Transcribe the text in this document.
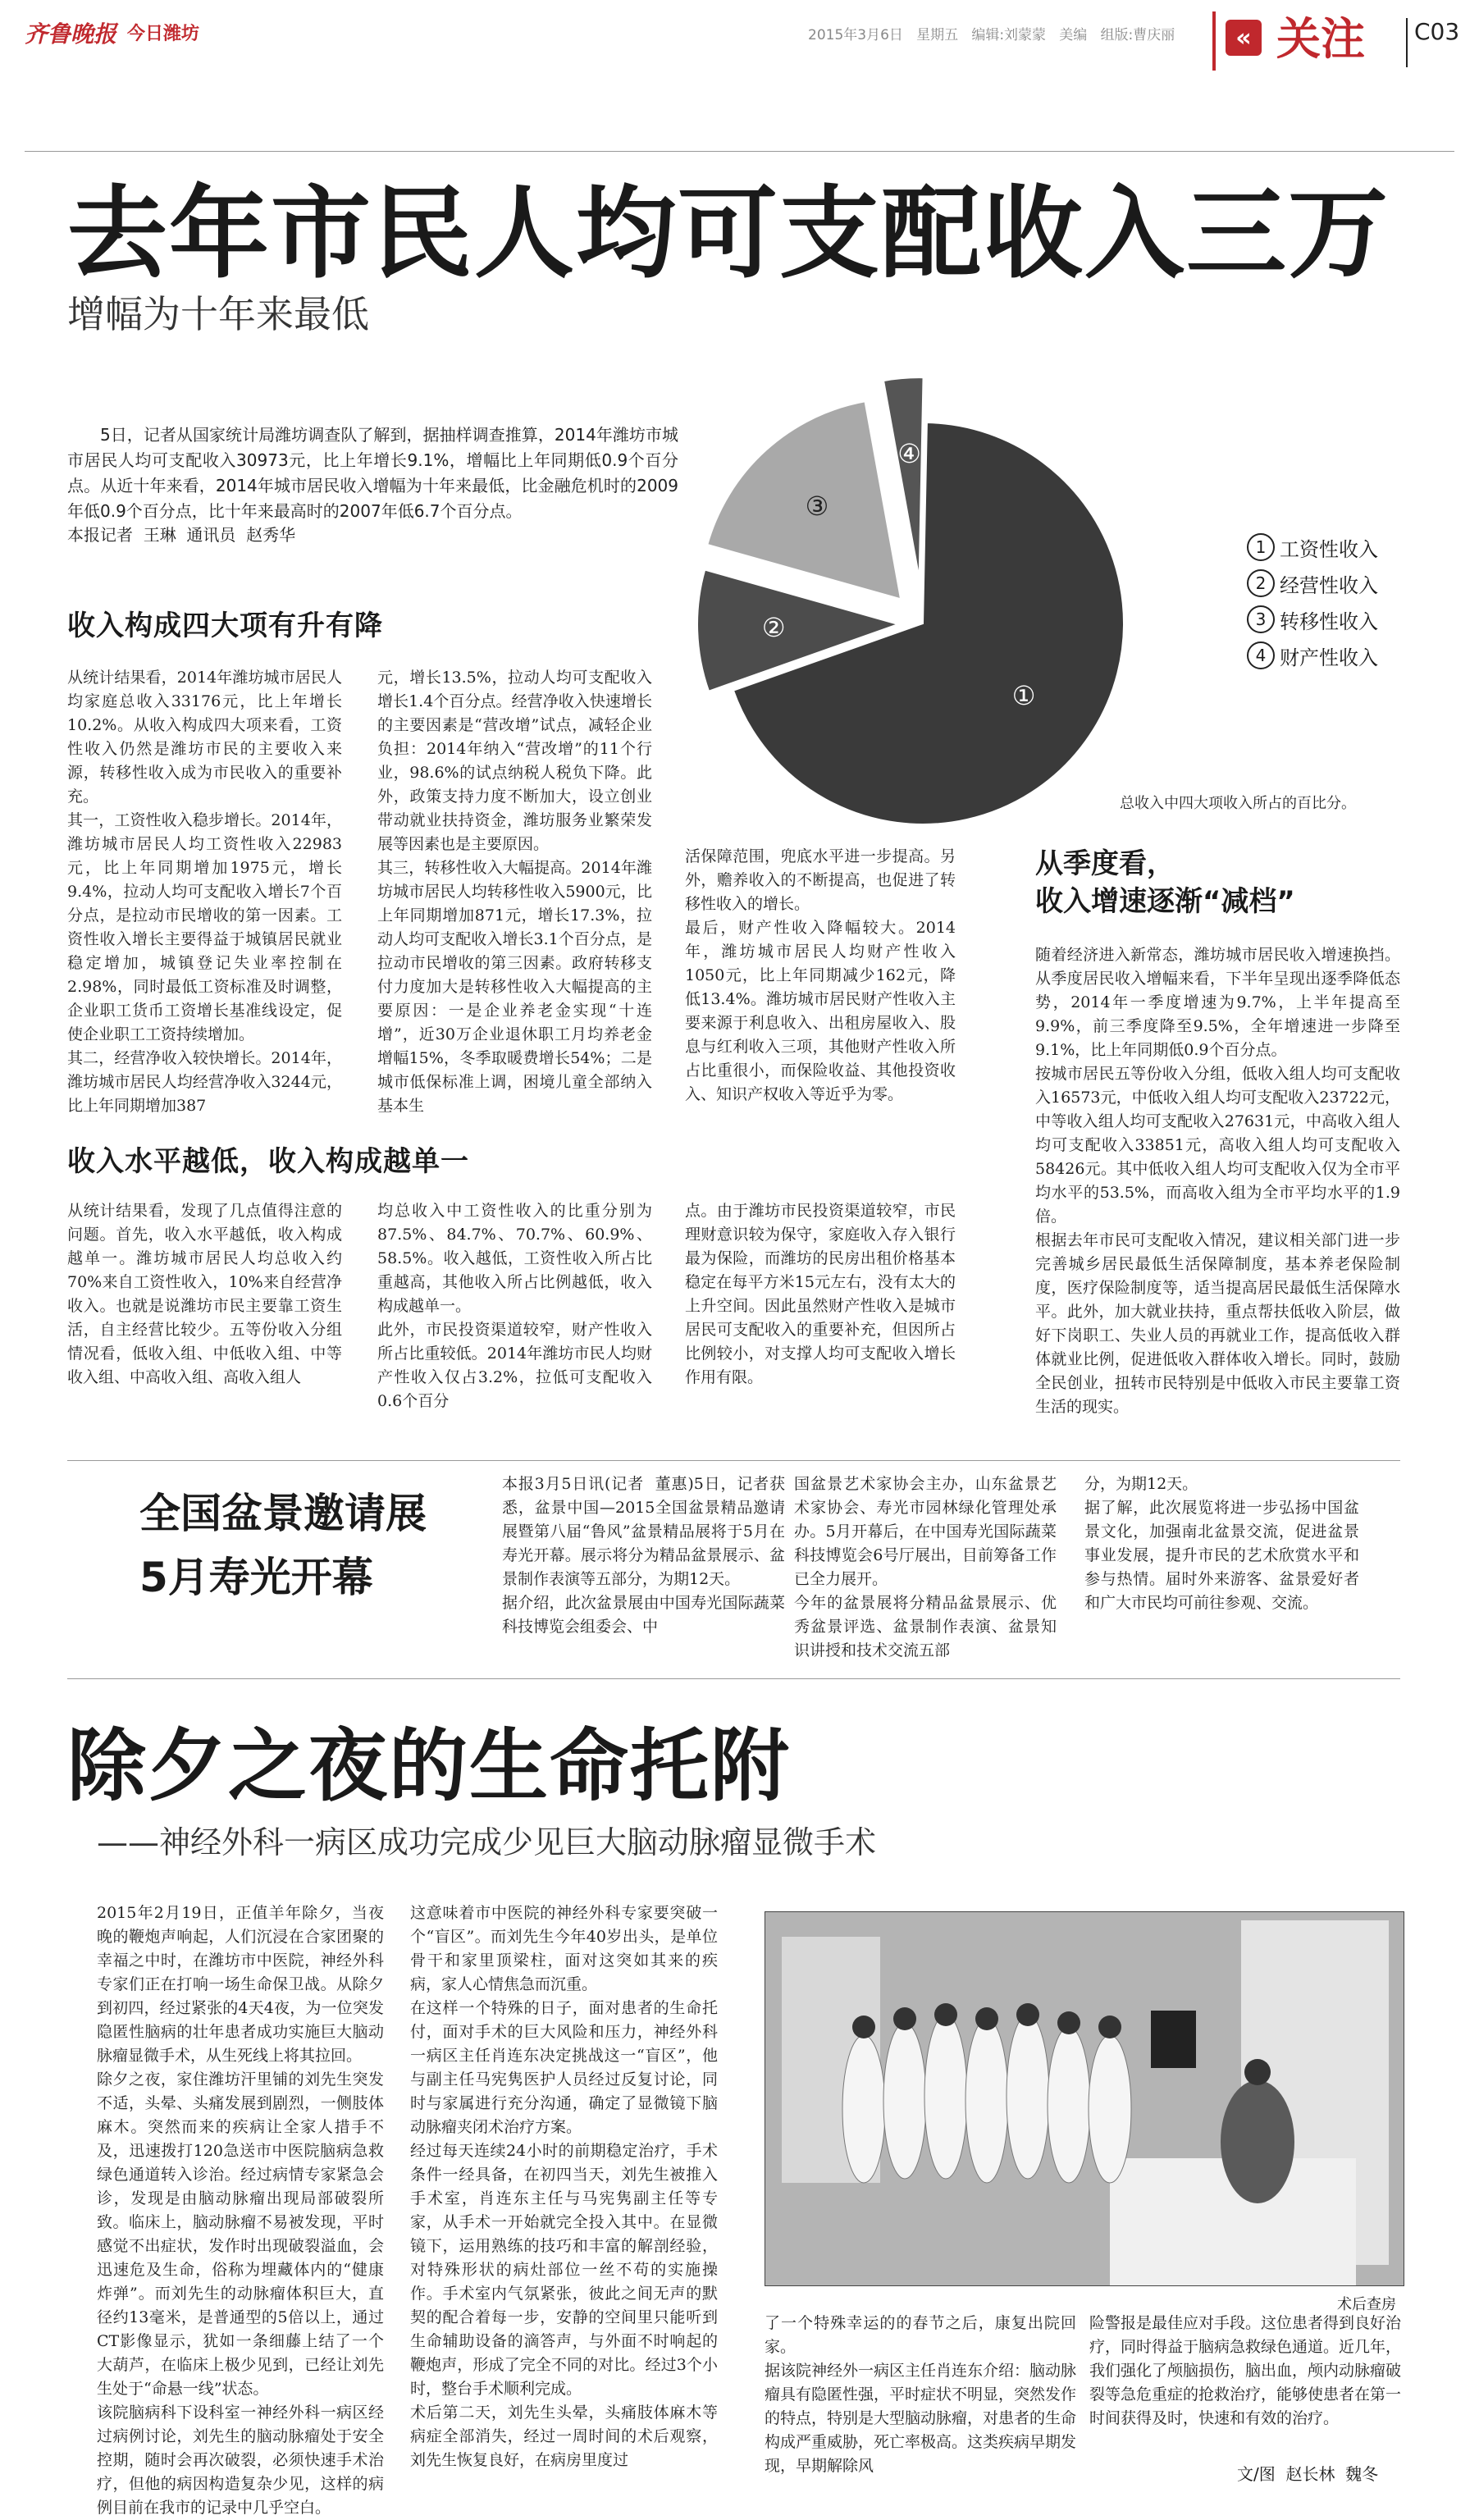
齐鲁晚报 今日潍坊	2015年3月6日   星期五   编辑:刘蒙蒙   美编   组版:曹庆丽	« 关注 C03
去年市民人均可支配收入三万
增幅为十年来最低

5日，记者从国家统计局潍坊调查队了解到，据抽样调查推算，2014年潍坊市城市居民人均可支配收入30973元，比上年增长9.1%，增幅比上年同期低0.9个百分点。从近十年来看，2014年城市居民收入增幅为十年来最低，比金融危机时的2009年低0.9个百分点，比十年来最高时的2007年低6.7个百分点。

本报记者  王琳  通讯员  赵秀华
收入构成四大项有升有降
从统计结果看，2014年潍坊城市居民人均家庭总收入33176元，比上年增长10.2%。从收入构成四大项来看，工资性收入仍然是潍坊市民的主要收入来源，转移性收入成为市民收入的重要补充。
其一，工资性收入稳步增长。2014年，潍坊城市居民人均工资性收入22983元，比上年同期增加1975元，增长9.4%，拉动人均可支配收入增长7个百分点，是拉动市民增收的第一因素。工资性收入增长主要得益于城镇居民就业稳定增加，城镇登记失业率控制在2.98%，同时最低工资标准及时调整，企业职工货币工资增长基准线设定，促使企业职工工资持续增加。
其二，经营净收入较快增长。2014年，潍坊城市居民人均经营净收入3244元，比上年同期增加387
元，增长13.5%，拉动人均可支配收入增长1.4个百分点。经营净收入快速增长的主要因素是“营改增”试点，减轻企业负担：2014年纳入“营改增”的11个行业，98.6%的试点纳税人税负下降。此外，政策支持力度不断加大，设立创业带动就业扶持资金，潍坊服务业繁荣发展等因素也是主要原因。
其三，转移性收入大幅提高。2014年潍坊城市居民人均转移性收入5900元，比上年同期增加871元，增长17.3%，拉动人均可支配收入增长3.1个百分点，是拉动市民增收的第三因素。政府转移支付力度加大是转移性收入大幅提高的主要原因：一是企业养老金实现“十连增”，近30万企业退休职工月均养老金增幅15%，冬季取暖费增长54%；二是城市低保标准上调，困境儿童全部纳入基本生
活保障范围，兜底水平进一步提高。另外，赡养收入的不断提高，也促进了转移性收入的增长。
最后，财产性收入降幅较大。2014年，潍坊城市居民人均财产性收入1050元，比上年同期减少162元，降低13.4%。潍坊城市居民财产性收入主要来源于利息收入、出租房屋收入、股息与红利收入三项，其他财产性收入所占比重很小，而保险收益、其他投资收入、知识产权收入等近乎为零。
收入水平越低，收入构成越单一
从统计结果看，发现了几点值得注意的问题。首先，收入水平越低，收入构成越单一。潍坊城市居民人均总收入约70%来自工资性收入，10%来自经营净收入。也就是说潍坊市民主要靠工资生活，自主经营比较少。五等份收入分组情况看，低收入组、中低收入组、中等收入组、中高收入组、高收入组人
均总收入中工资性收入的比重分别为87.5%、84.7%、70.7%、60.9%、58.5%。收入越低，工资性收入所占比重越高，其他收入所占比例越低，收入构成越单一。
此外，市民投资渠道较窄，财产性收入所占比重较低。2014年潍坊市民人均财产性收入仅占3.2%，拉低可支配收入0.6个百分
点。由于潍坊市民投资渠道较窄，市民理财意识较为保守，家庭收入存入银行最为保险，而潍坊的民房出租价格基本稳定在每平方米15元左右，没有太大的上升空间。因此虽然财产性收入是城市居民可支配收入的重要补充，但因所占比例较小，对支撑人均可支配收入增长作用有限。
①
②
③
④
1 工资性收入
2 经营性收入
3 转移性收入
4 财产性收入
总收入中四大项收入所占的百比分。
从季度看，
收入增速逐渐“减档”
随着经济进入新常态，潍坊城市居民收入增速换挡。从季度居民收入增幅来看，下半年呈现出逐季降低态势，2014年一季度增速为9.7%，上半年提高至9.9%，前三季度降至9.5%，全年增速进一步降至9.1%，比上年同期低0.9个百分点。
按城市居民五等份收入分组，低收入组人均可支配收入16573元，中低收入组人均可支配收入23722元，中等收入组人均可支配收入27631元，中高收入组人均可支配收入33851元，高收入组人均可支配收入58426元。其中低收入组人均可支配收入仅为全市平均水平的53.5%，而高收入组为全市平均水平的1.9倍。
根据去年市民可支配收入情况，建议相关部门进一步完善城乡居民最低生活保障制度，基本养老保险制度，医疗保险制度等，适当提高居民最低生活保障水平。此外，加大就业扶持，重点帮扶低收入阶层，做好下岗职工、失业人员的再就业工作，提高低收入群体就业比例，促进低收入群体收入增长。同时，鼓励全民创业，扭转市民特别是中低收入市民主要靠工资生活的现实。
全国盆景邀请展
5月寿光开幕
本报3月5日讯(记者  董惠)5日，记者获悉，盆景中国—2015全国盆景精品邀请展暨第八届“鲁风”盆景精品展将于5月在寿光开幕。展示将分为精品盆景展示、盆景制作表演等五部分，为期12天。
据介绍，此次盆景展由中国寿光国际蔬菜科技博览会组委会、中
国盆景艺术家协会主办，山东盆景艺术家协会、寿光市园林绿化管理处承办。5月开幕后，在中国寿光国际蔬菜科技博览会6号厅展出，目前筹备工作已全力展开。
今年的盆景展将分精品盆景展示、优秀盆景评选、盆景制作表演、盆景知识讲授和技术交流五部
分，为期12天。
据了解，此次展览将进一步弘扬中国盆景文化，加强南北盆景交流，促进盆景事业发展，提升市民的艺术欣赏水平和参与热情。届时外来游客、盆景爱好者和广大市民均可前往参观、交流。
除夕之夜的生命托附
——神经外科一病区成功完成少见巨大脑动脉瘤显微手术
2015年2月19日，正值羊年除夕，当夜晚的鞭炮声响起，人们沉浸在合家团聚的幸福之中时，在潍坊市中医院，神经外科专家们正在打响一场生命保卫战。从除夕到初四，经过紧张的4天4夜，为一位突发隐匿性脑病的壮年患者成功实施巨大脑动脉瘤显微手术，从生死线上将其拉回。
除夕之夜，家住潍坊汗里铺的刘先生突发不适，头晕、头痛发展到剧烈，一侧肢体麻木。突然而来的疾病让全家人措手不及，迅速拨打120急送市中医院脑病急救绿色通道转入诊治。经过病情专家紧急会诊，发现是由脑动脉瘤出现局部破裂所致。临床上，脑动脉瘤不易被发现，平时感觉不出症状，发作时出现破裂溢血，会迅速危及生命，俗称为埋藏体内的“健康炸弹”。而刘先生的动脉瘤体积巨大，直径约13毫米，是普通型的5倍以上，通过CT影像显示，犹如一条细藤上结了一个大葫芦，在临床上极少见到，已经让刘先生处于“命悬一线”状态。
该院脑病科下设科室一神经外科一病区经过病例讨论，刘先生的脑动脉瘤处于安全控期，随时会再次破裂，必须快速手术治疗，但他的病因构造复杂少见，这样的病例目前在我市的记录中几乎空白。
这意味着市中医院的神经外科专家要突破一个“盲区”。而刘先生今年40岁出头，是单位骨干和家里顶梁柱，面对这突如其来的疾病，家人心情焦急而沉重。
在这样一个特殊的日子，面对患者的生命托付，面对手术的巨大风险和压力，神经外科一病区主任肖连东决定挑战这一“盲区”，他与副主任马宪隽医护人员经过反复讨论，同时与家属进行充分沟通，确定了显微镜下脑动脉瘤夹闭术治疗方案。
经过每天连续24小时的前期稳定治疗，手术条件一经具备，在初四当天，刘先生被推入手术室，肖连东主任与马宪隽副主任等专家，从手术一开始就完全投入其中。在显微镜下，运用熟练的技巧和丰富的解剖经验，对特殊形状的病灶部位一丝不苟的实施操作。手术室内气氛紧张，彼此之间无声的默契的配合着每一步，安静的空间里只能听到生命辅助设备的滴答声，与外面不时响起的鞭炮声，形成了完全不同的对比。经过3个小时，整台手术顺利完成。
术后第二天，刘先生头晕，头痛肢体麻木等病症全部消失，经过一周时间的术后观察，刘先生恢复良好，在病房里度过
术后查房
了一个特殊幸运的的春节之后，康复出院回家。
据该院神经外一病区主任肖连东介绍：脑动脉瘤具有隐匿性强，平时症状不明显，突然发作的特点，特别是大型脑动脉瘤，对患者的生命构成严重威胁，死亡率极高。这类疾病早期发现，早期解除风
险警报是最佳应对手段。这位患者得到良好治疗，同时得益于脑病急救绿色通道。近几年，我们强化了颅脑损伤，脑出血，颅内动脉瘤破裂等急危重症的抢救治疗，能够使患者在第一时间获得及时，快速和有效的治疗。
文/图  赵长林  魏冬
